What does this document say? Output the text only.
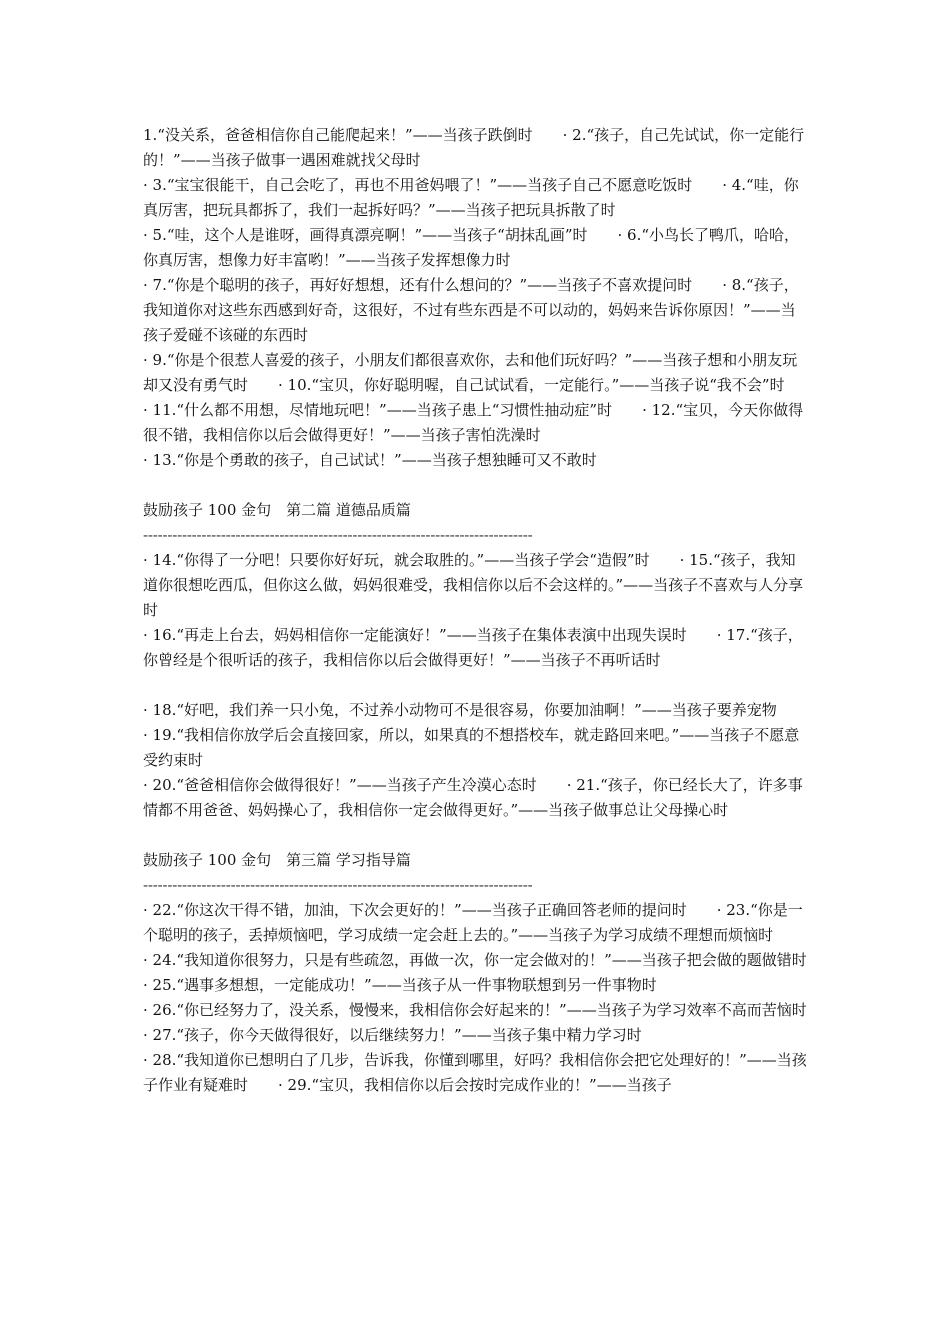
1.“没关系，爸爸相信你自己能爬起来！”——当孩子跌倒时　　· 2.“孩子，自己先试试，你一定能行的！”——当孩子做事一遇困难就找父母时

· 3.“宝宝很能干，自己会吃了，再也不用爸妈喂了！”——当孩子自己不愿意吃饭时　　· 4.“哇，你真厉害，把玩具都拆了，我们一起拆好吗？”——当孩子把玩具拆散了时

· 5.“哇，这个人是谁呀，画得真漂亮啊！”——当孩子“胡抹乱画”时　　· 6.“小鸟长了鸭爪，哈哈，你真厉害，想像力好丰富哟！”——当孩子发挥想像力时

· 7.“你是个聪明的孩子，再好好想想，还有什么想问的？”——当孩子不喜欢提问时　　· 8.“孩子，我知道你对这些东西感到好奇，这很好，不过有些东西是不可以动的，妈妈来告诉你原因！”——当孩子爱碰不该碰的东西时

· 9.“你是个很惹人喜爱的孩子，小朋友们都很喜欢你，去和他们玩好吗？”——当孩子想和小朋友玩却又没有勇气时　　· 10.“宝贝，你好聪明喔，自己试试看，一定能行。”——当孩子说“我不会”时

· 11.“什么都不用想，尽情地玩吧！”——当孩子患上“习惯性抽动症”时　　· 12.“宝贝，今天你做得很不错，我相信你以后会做得更好！”——当孩子害怕洗澡时

· 13.“你是个勇敢的孩子，自己试试！”——当孩子想独睡可又不敢时

鼓励孩子 100 金句　第二篇 道德品质篇

--------------------------------------------------------------------------------

· 14.“你得了一分吧！只要你好好玩，就会取胜的。”——当孩子学会“造假”时　　· 15.“孩子，我知道你很想吃西瓜，但你这么做，妈妈很难受，我相信你以后不会这样的。”——当孩子不喜欢与人分享时

· 16.“再走上台去，妈妈相信你一定能演好！”——当孩子在集体表演中出现失误时　　· 17.“孩子，你曾经是个很听话的孩子，我相信你以后会做得更好！”——当孩子不再听话时

· 18.“好吧，我们养一只小兔，不过养小动物可不是很容易，你要加油啊！”——当孩子要养宠物　　· 19.“我相信你放学后会直接回家，所以，如果真的不想搭校车，就走路回来吧。”——当孩子不愿意受约束时

· 20.“爸爸相信你会做得很好！”——当孩子产生冷漠心态时　　· 21.“孩子，你已经长大了，许多事情都不用爸爸、妈妈操心了，我相信你一定会做得更好。”——当孩子做事总让父母操心时

鼓励孩子 100 金句　第三篇 学习指导篇

--------------------------------------------------------------------------------

· 22.“你这次干得不错，加油，下次会更好的！”——当孩子正确回答老师的提问时　　· 23.“你是一个聪明的孩子，丢掉烦恼吧，学习成绩一定会赶上去的。”——当孩子为学习成绩不理想而烦恼时

· 24.“我知道你很努力，只是有些疏忽，再做一次，你一定会做对的！”——当孩子把会做的题做错时　　· 25.“遇事多想想，一定能成功！”——当孩子从一件事物联想到另一件事物时

· 26.“你已经努力了，没关系，慢慢来，我相信你会好起来的！”——当孩子为学习效率不高而苦恼时　　· 27.“孩子，你今天做得很好，以后继续努力！”——当孩子集中精力学习时

· 28.“我知道你已想明白了几步，告诉我，你懂到哪里，好吗？我相信你会把它处理好的！”——当孩子作业有疑难时　　· 29.“宝贝，我相信你以后会按时完成作业的！”——当孩子
